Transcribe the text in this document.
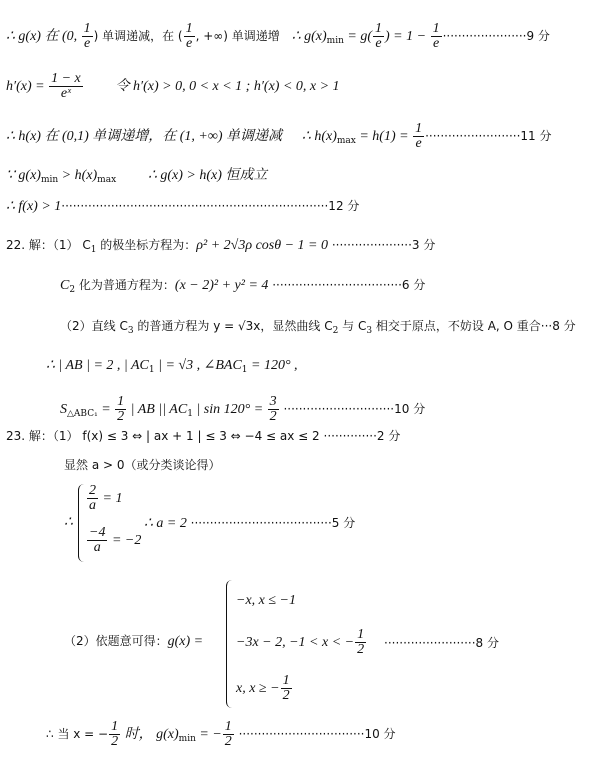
∴ g(x) 在 (0, $\frac{1}{e}$ ) 单调递减，在 ( $\frac{1}{e}$ , +∞) 单调递增 ∴ $g(x)_{min} = g( \frac{1}{e}$ ) = $1 - \frac{1}{e} \cdot\cdot\cdot\cdot\cdot\cdot\cdot\cdot\cdot\cdot\cdot\cdot\cdot\cdot\cdot\cdot\cdot\cdot\cdot\cdot\cdot\cdot 9$ 分
$h'(x) = \frac{1 - x}{\text{eˣ}}$ 令 h′(x) > 0, 0 < x < 1 ; h′(x) < 0, x > 1
∴ h(x) 在 (0,1) 单调递增，在 (1, +∞) 单调递减 ∴ $h(x)_{max} = h(1) = \frac{1}{e} \cdot\cdot\cdot\cdot\cdot\cdot\cdot\cdot\cdot\cdot\cdot\cdot\cdot\cdot\cdot\cdot\cdot\cdot\cdot\cdot\cdot\cdot\cdot\cdot\cdot 11$ 分
∵ $g(x)_{min} > h(x)_{max}$ ∴ g(x) > h(x) 恒成立
∴ f(x) > 1······································································12 分
22. 解：（1） $C_1$ 的极坐标方程为：ρ² + 2√3ρ cosθ − 1 = 0 ·····················3 分
$C_2$ 化为普通方程为：(x − 2)² + y² = 4 ··································6 分
（2）直线 $C_3$ 的普通方程为 y = √3x，显然曲线 $C_2$ 与 $C_3$ 相交于原点，不妨设 A, O 重合···8 分
∴ | AB | = 2 , | $AC_1$ | = √3 , $\angle BAC_1 = 120^\circ$ ,
$S_{\triangle ABC_1} = \frac{1}{2}$ | AB || $AC_1$ | $\sin 120^\circ = \frac{3}{2} \cdot\cdot\cdot\cdot\cdot\cdot\cdot\cdot\cdot\cdot\cdot\cdot\cdot\cdot\cdot\cdot\cdot\cdot\cdot\cdot\cdot\cdot\cdot\cdot\cdot\cdot\cdot\cdot\cdot 10$ 分
23. 解：（1） f(x) ≤ 3 ⇔ | ax + 1 | ≤ 3 ⇔ −4 ≤ ax ≤ 2 ··············2 分
显然 a > 0（或分类谈论得）
∴
$\frac{2}{a} = 1$
$\frac{-4}{a} = -2$
∴ a = 2 ·····································5 分
（2）依题意可得：g(x) =
−x, x ≤ −1
−3x − 2, −1 < x < − $\frac{1}{2}$
x, x ≥ − $\frac{1}{2}$
························8 分
∴ 当 x = − $\frac{1}{2}$ 时， $g(x)_{min}$ = − $\frac{1}{2} \cdot\cdot\cdot\cdot\cdot\cdot\cdot\cdot\cdot\cdot\cdot\cdot\cdot\cdot\cdot\cdot\cdot\cdot\cdot\cdot\cdot\cdot\cdot\cdot\cdot\cdot\cdot\cdot\cdot\cdot\cdot\cdot\cdot 10$ 分
